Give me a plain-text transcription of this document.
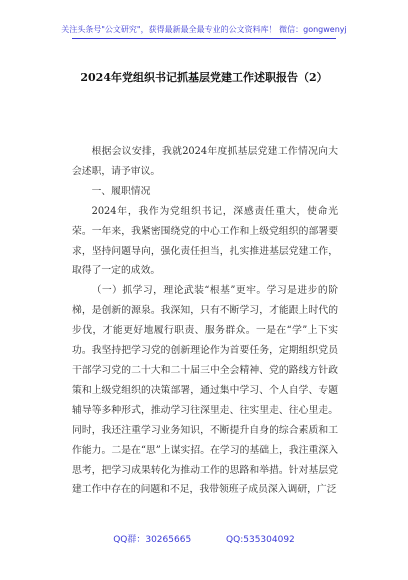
关注头条号"公文研究"，获得最新最全最专业的公文资料库！ 微信：gongwenyj
2024年党组织书记抓基层党建工作述职报告（2）

根据会议安排，我就2024年度抓基层党建工作情况向大会述职，请予审议。

一、履职情况

2024年，我作为党组织书记，深感责任重大，使命光荣。一年来，我紧密围绕党的中心工作和上级党组织的部署要求，坚持问题导向，强化责任担当，扎实推进基层党建工作，取得了一定的成效。

（一）抓学习，理论武装“根基”更牢。学习是进步的阶梯，是创新的源泉。我深知，只有不断学习，才能跟上时代的步伐，才能更好地履行职责、服务群众。一是在“学”上下实功。我坚持把学习党的创新理论作为首要任务，定期组织党员干部学习党的二十大和二十届三中全会精神、党的路线方针政策和上级党组织的决策部署，通过集中学习、个人自学、专题辅导等多种形式，推动学习往深里走、往实里走、往心里走。同时，我还注重学习业务知识，不断提升自身的综合素质和工作能力。二是在“思”上谋实招。在学习的基础上，我注重深入思考，把学习成果转化为推动工作的思路和举措。针对基层党建工作中存在的问题和不足，我带领班子成员深入调研，广泛

QQ群：30265665	QQ:535304092
